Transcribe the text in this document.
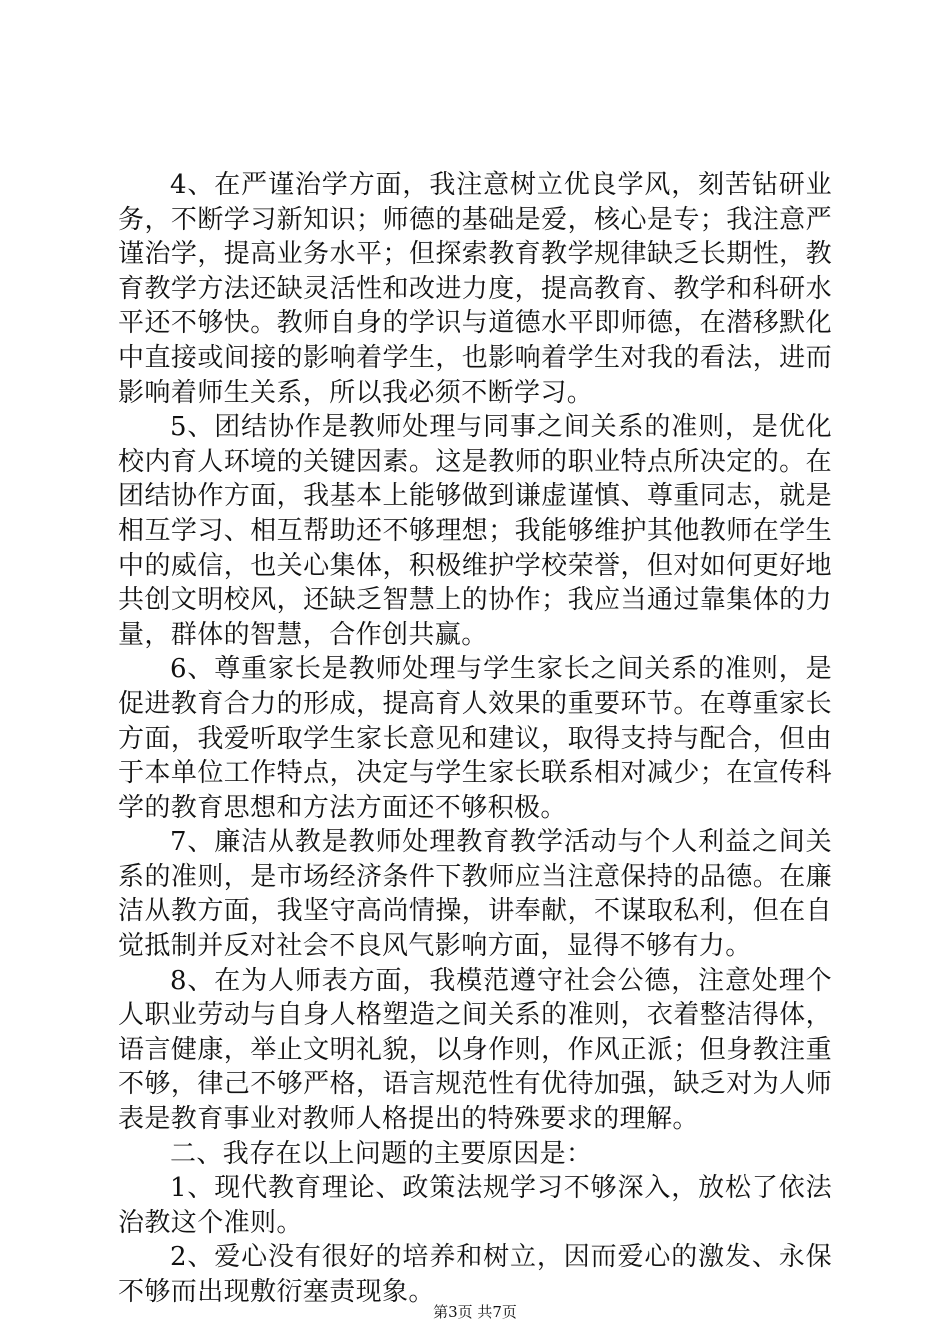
4、在严谨治学方面，我注意树立优良学风，刻苦钻研业务，不断学习新知识；师德的基础是爱，核心是专；我注意严谨治学，提高业务水平；但探索教育教学规律缺乏长期性，教育教学方法还缺灵活性和改进力度，提高教育、教学和科研水平还不够快。教师自身的学识与道德水平即师德，在潜移默化中直接或间接的影响着学生，也影响着学生对我的看法，进而影响着师生关系，所以我必须不断学习。

5、团结协作是教师处理与同事之间关系的准则，是优化校内育人环境的关键因素。这是教师的职业特点所决定的。在团结协作方面，我基本上能够做到谦虚谨慎、尊重同志，就是相互学习、相互帮助还不够理想；我能够维护其他教师在学生中的威信，也关心集体，积极维护学校荣誉，但对如何更好地共创文明校风，还缺乏智慧上的协作；我应当通过靠集体的力量，群体的智慧，合作创共赢。

6、尊重家长是教师处理与学生家长之间关系的准则，是促进教育合力的形成，提高育人效果的重要环节。在尊重家长方面，我爱听取学生家长意见和建议，取得支持与配合，但由于本单位工作特点，决定与学生家长联系相对减少；在宣传科学的教育思想和方法方面还不够积极。

7、廉洁从教是教师处理教育教学活动与个人利益之间关系的准则，是市场经济条件下教师应当注意保持的品德。在廉洁从教方面，我坚守高尚情操，讲奉献，不谋取私利，但在自觉抵制并反对社会不良风气影响方面，显得不够有力。

8、在为人师表方面，我模范遵守社会公德，注意处理个人职业劳动与自身人格塑造之间关系的准则，衣着整洁得体，语言健康，举止文明礼貌，以身作则，作风正派；但身教注重不够，律己不够严格，语言规范性有优待加强，缺乏对为人师表是教育事业对教师人格提出的特殊要求的理解。

二、我存在以上问题的主要原因是：

1、现代教育理论、政策法规学习不够深入，放松了依法治教这个准则。

2、爱心没有很好的培养和树立，因而爱心的激发、永保不够而出现敷衍塞责现象。

第3页 共7页
